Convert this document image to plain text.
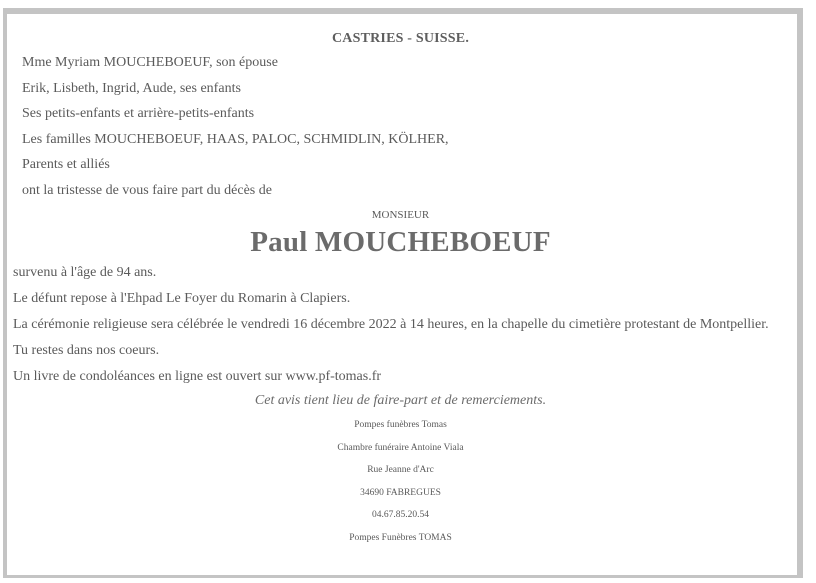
CASTRIES - SUISSE.
Mme Myriam MOUCHEBOEUF, son épouse
Erik, Lisbeth, Ingrid, Aude, ses enfants
Ses petits-enfants et arrière-petits-enfants
Les familles MOUCHEBOEUF, HAAS, PALOC, SCHMIDLIN, KÖLHER,
Parents et alliés
ont la tristesse de vous faire part du décès de
MONSIEUR
Paul MOUCHEBOEUF

survenu à l'âge de 94 ans.

Le défunt repose à l'Ehpad Le Foyer du Romarin à Clapiers.

La cérémonie religieuse sera célébrée le vendredi 16 décembre 2022 à 14 heures, en la chapelle du cimetière protestant de Montpellier.

Tu restes dans nos coeurs.

Un livre de condoléances en ligne est ouvert sur www.pf-tomas.fr

Cet avis tient lieu de faire-part et de remerciements.
Pompes funèbres Tomas
Chambre funéraire Antoine Viala
Rue Jeanne d'Arc
34690 FABREGUES
04.67.85.20.54
Pompes Funèbres TOMAS
